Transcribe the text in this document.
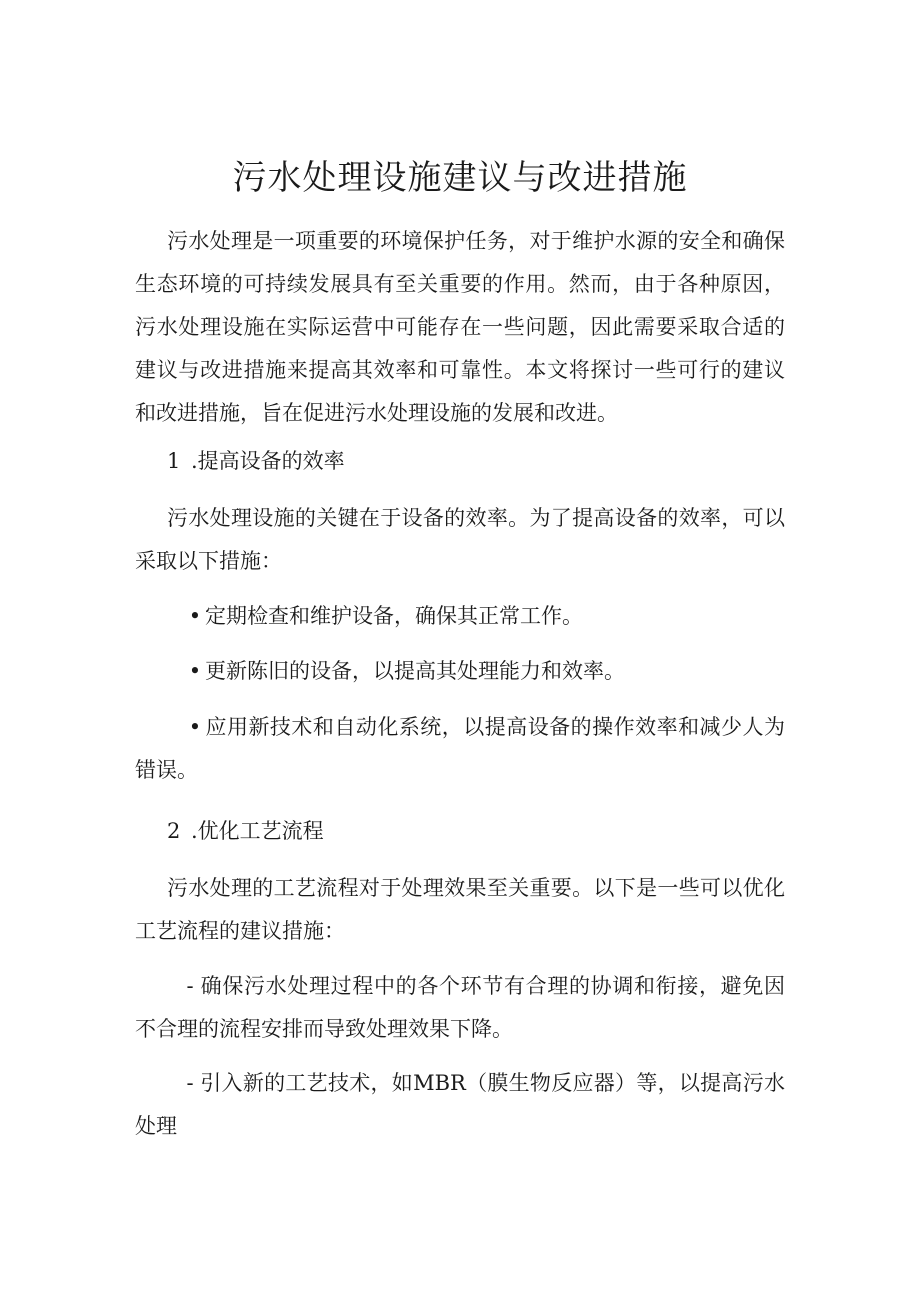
污水处理设施建议与改进措施

污水处理是一项重要的环境保护任务，对于维护水源的安全和确保生态环境的可持续发展具有至关重要的作用。然而，由于各种原因，污水处理设施在实际运营中可能存在一些问题，因此需要采取合适的建议与改进措施来提高其效率和可靠性。本文将探讨一些可行的建议和改进措施，旨在促进污水处理设施的发展和改进。

1 .提高设备的效率

污水处理设施的关键在于设备的效率。为了提高设备的效率，可以采取以下措施：

• 定期检查和维护设备，确保其正常工作。

• 更新陈旧的设备，以提高其处理能力和效率。

• 应用新技术和自动化系统，以提高设备的操作效率和减少人为错误。

2 .优化工艺流程

污水处理的工艺流程对于处理效果至关重要。以下是一些可以优化工艺流程的建议措施：

- 确保污水处理过程中的各个环节有合理的协调和衔接，避免因不合理的流程安排而导致处理效果下降。

- 引入新的工艺技术，如MBR（膜生物反应器）等，以提高污水处理
